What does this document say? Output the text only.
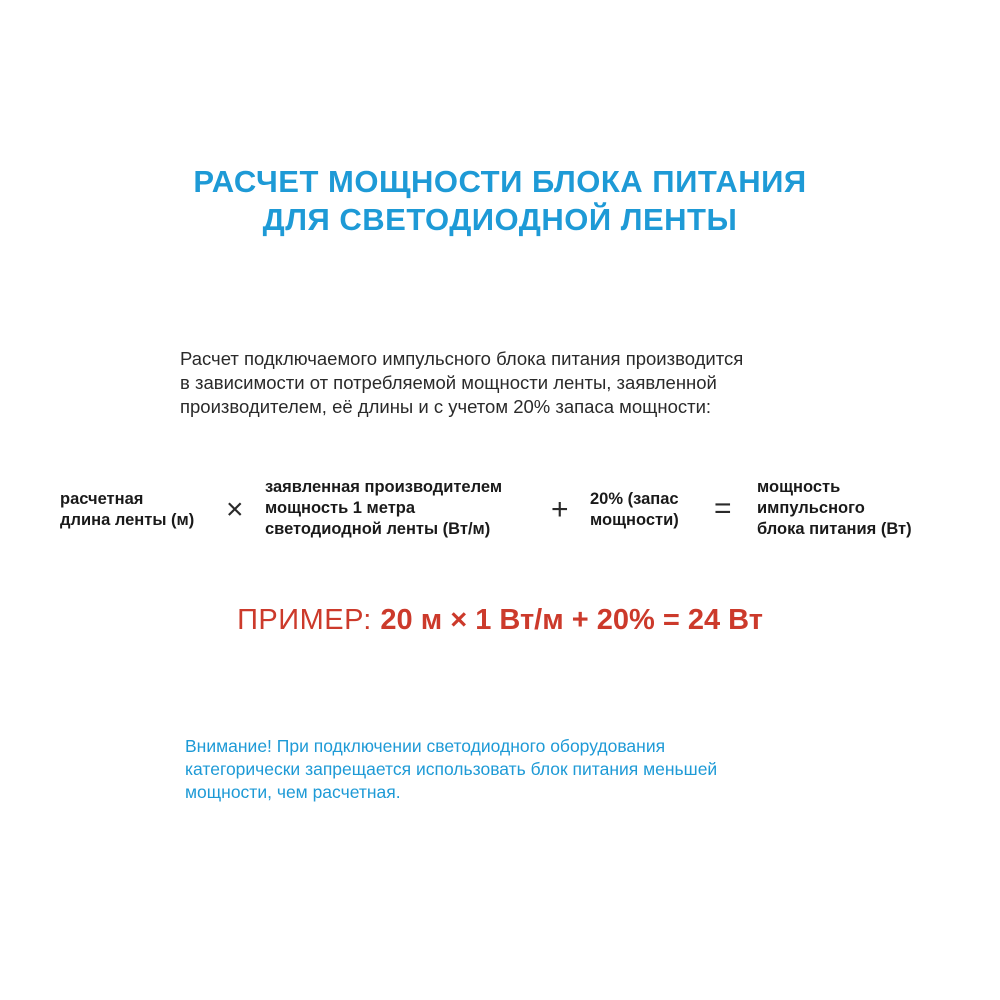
РАСЧЕТ МОЩНОСТИ БЛОКА ПИТАНИЯ
ДЛЯ СВЕТОДИОДНОЙ ЛЕНТЫ
Расчет подключаемого импульсного блока питания производится
в зависимости от потребляемой мощности ленты, заявленной
производителем, её длины и с учетом 20% запаса мощности:
расчетная
длина ленты (м) ×
заявленная производителем
мощность 1 метра
светодиодной ленты (Вт/м)
+ 20% (запас
мощности) =
мощность
импульсного
блока питания (Вт)
ПРИМЕР: 20 м × 1 Вт/м + 20% = 24 Вт
Внимание! При подключении светодиодного оборудования
категорически запрещается использовать блок питания меньшей
мощности, чем расчетная.
